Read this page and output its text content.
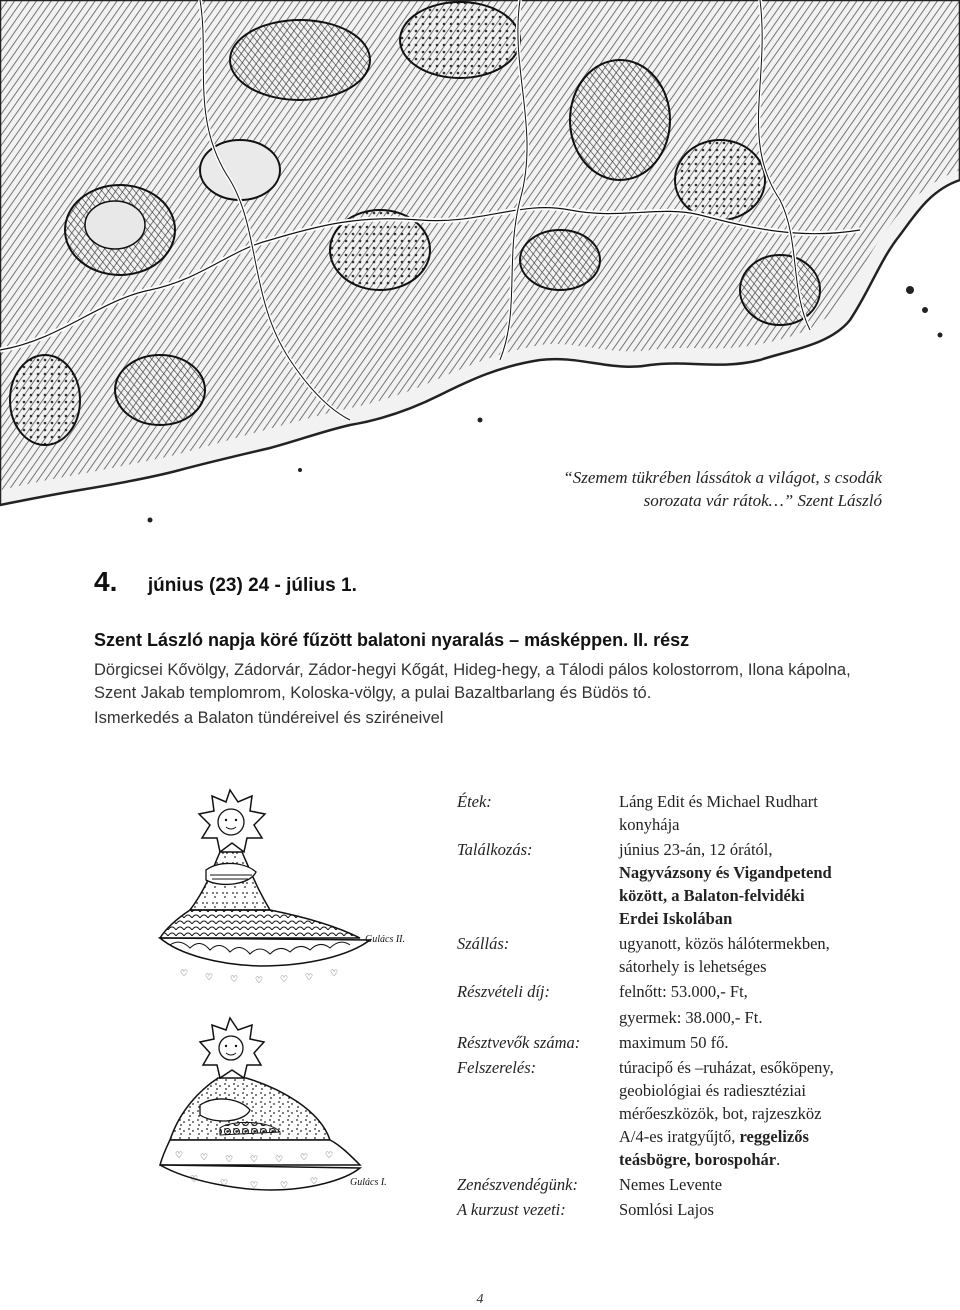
“Szemem tükrében lássátok a világot, s csodák
sorozata vár rátok…” Szent László
4. június (23) 24 - július 1.
Szent László napja köré fűzött balatoni nyaralás – másképpen. II. rész
Dörgicsei Kővölgy, Zádorvár, Zádor-hegyi Kőgát, Hideg-hegy, a Tálodi pálos kolostorrom, Ilona kápolna, Szent Jakab templomrom, Koloska-völgy, a pulai Bazaltbarlang és Büdös tó.
Ismerkedés a Balaton tündéreivel és sziréneivel
♡ ♡ ♡ ♡ ♡ ♡ ♡
Gulács II.
♡ ♡ ♡ ♡ ♡ ♡ ♡
♡ ♡ ♡ ♡ ♡	Gulács I.
Étek:	Láng Edit és Michael Rudhart
konyhája
Találkozás:	június 23-án, 12 órától,
Nagyvázsony és Vigandpetend
között, a Balaton-felvidéki
Erdei Iskolában
Szállás:	ugyanott, közös hálótermekben,
sátorhely is lehetséges
Részvételi díj:	felnőtt: 53.000,- Ft,
gyermek: 38.000,- Ft.
Résztvevők száma:	maximum 50 fő.
Felszerelés:	túracipő és –ruházat, esőköpeny,
geobiológiai és radiesztéziai
mérőeszközök, bot, rajzeszköz
A/4-es iratgyűjtő, reggelizős
teásbögre, borospohár.
Zenészvendégünk:	Nemes Levente
A kurzust vezeti:	Somlósi Lajos
4
